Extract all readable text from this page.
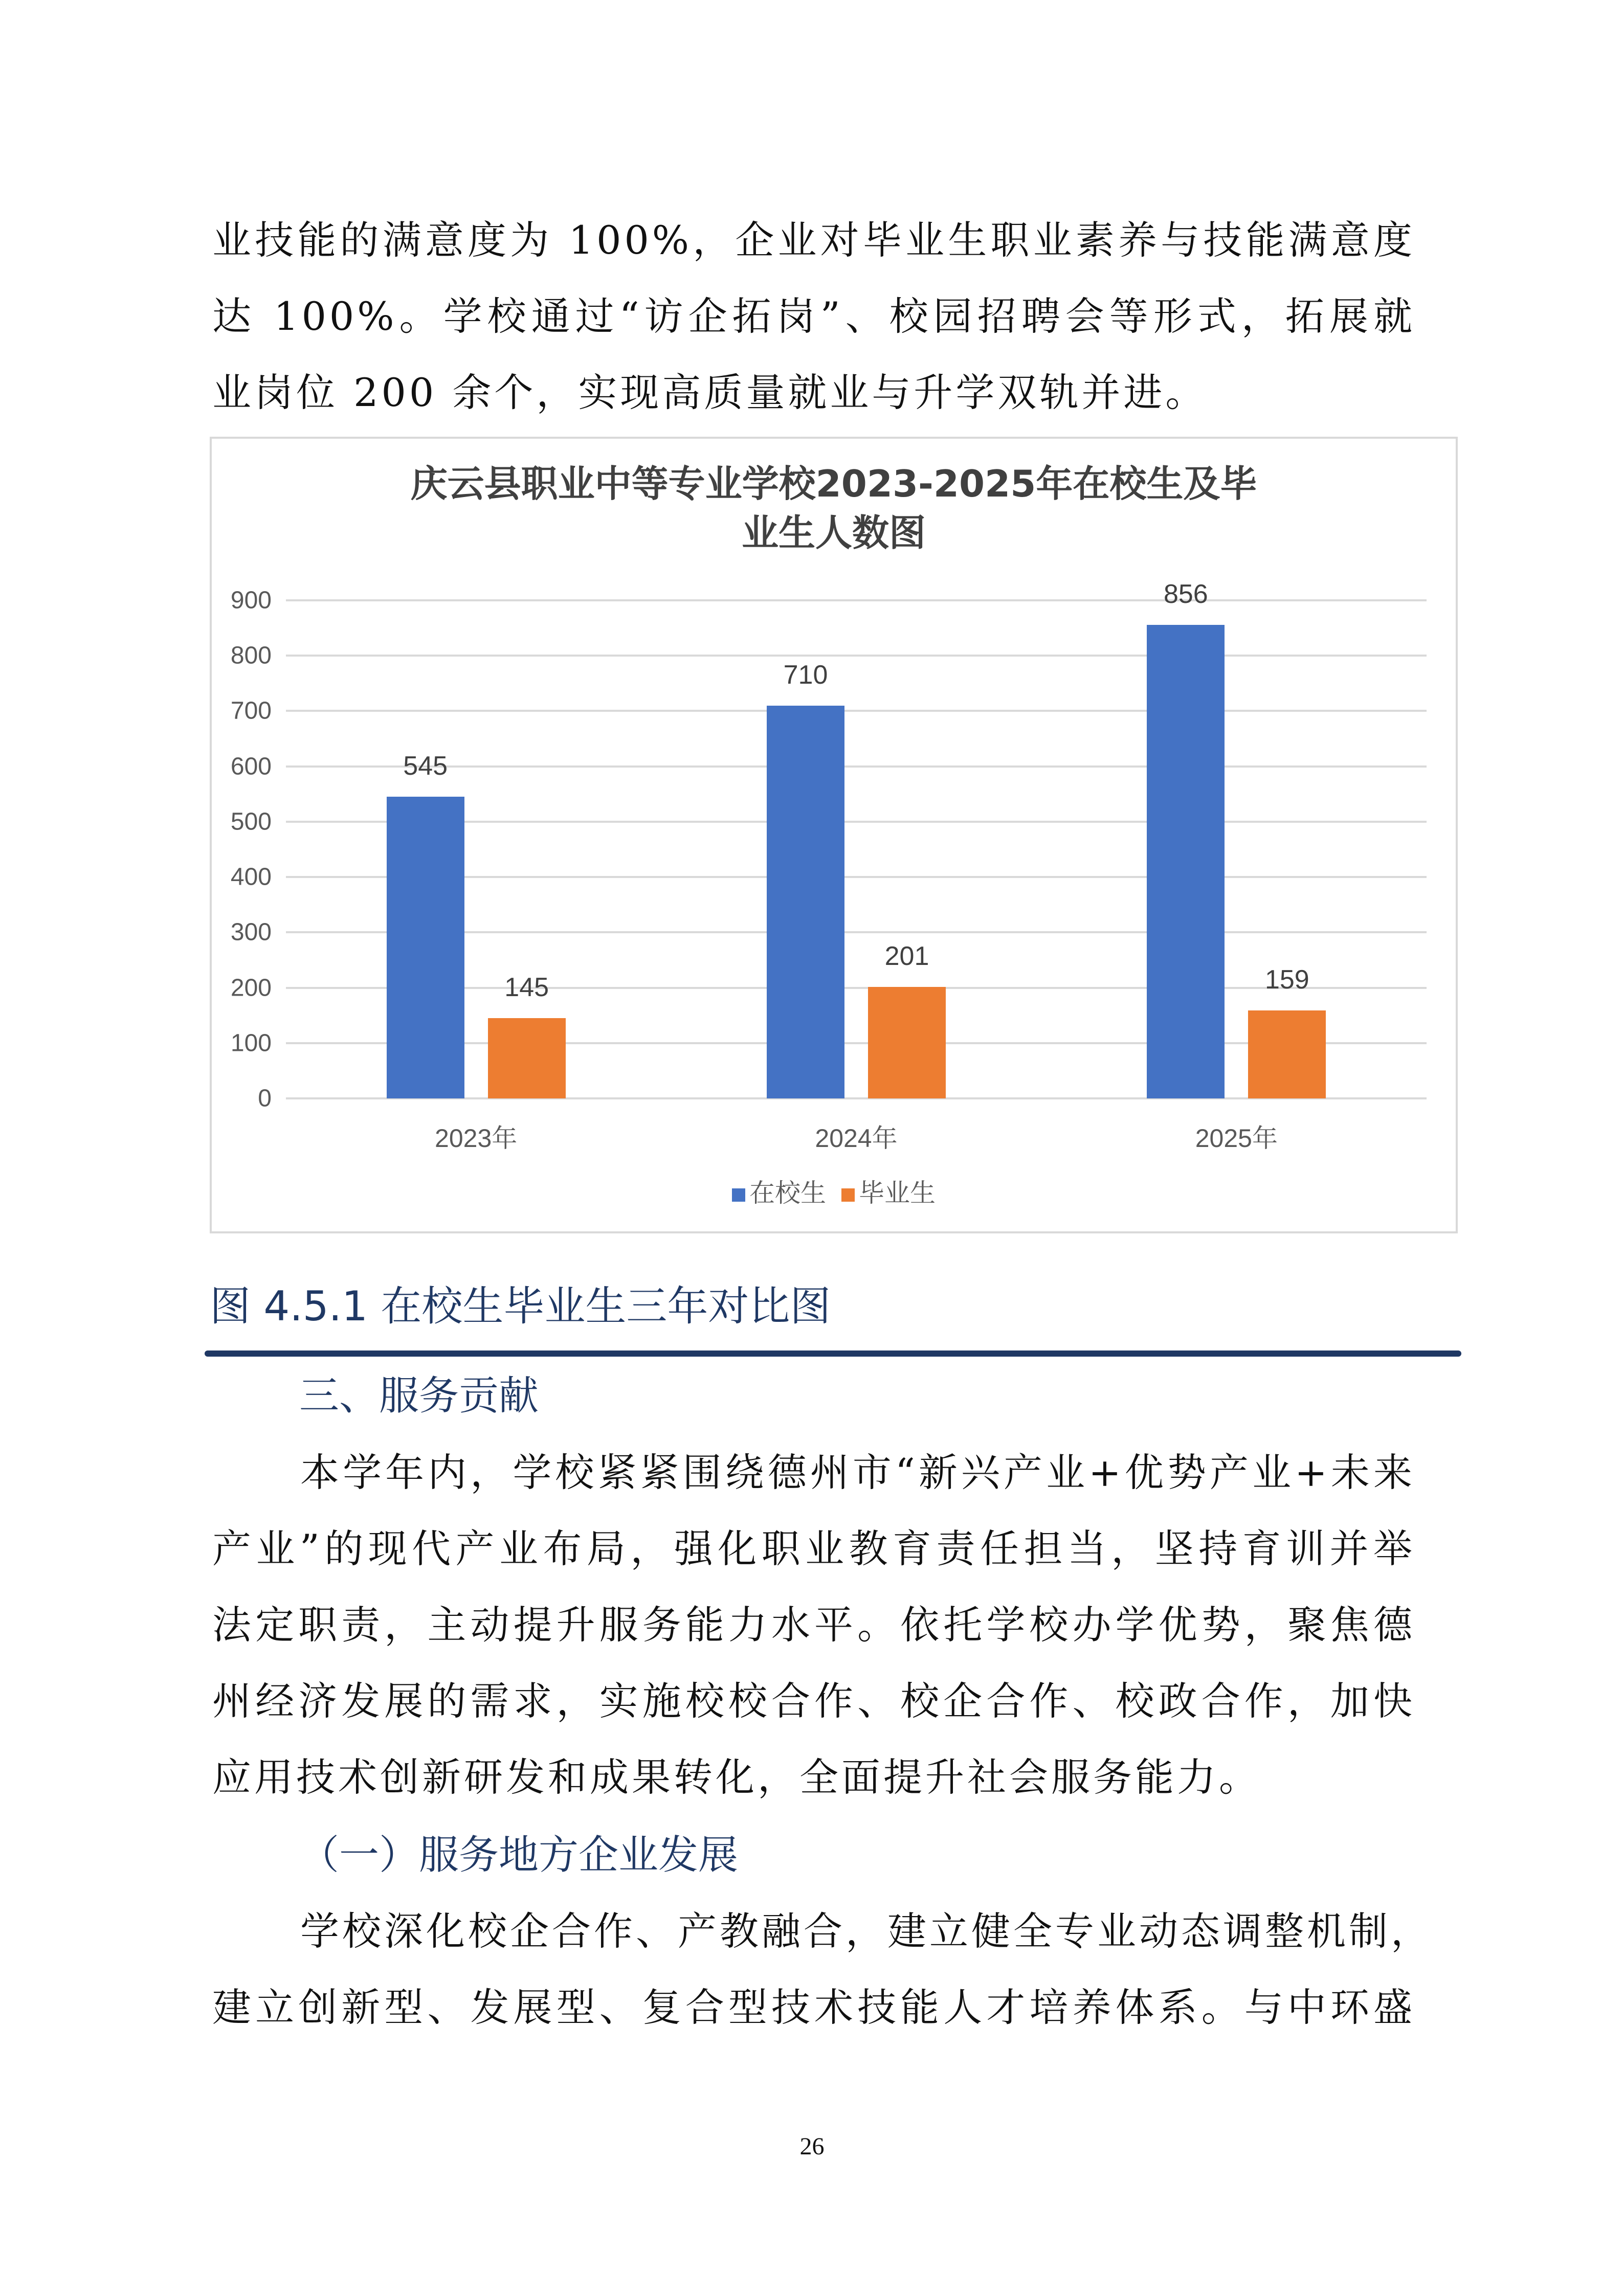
业技能的满意度为 100%，企业对毕业生职业素养与技能满意度
达 100%。学校通过“访企拓岗”、校园招聘会等形式，拓展就
业岗位 200 余个，实现高质量就业与升学双轨并进。
庆云县职业中等专业学校2023-2025年在校生及毕
业生人数图
在校生 毕业生
0
100
200
300
400
500
600
700
800
900
545
145
2023年
710
201
2024年
856
159
2025年
图 4.5.1 在校生毕业生三年对比图
三、服务贡献
本学年内，学校紧紧围绕德州市“新兴产业+优势产业+未来
产业”的现代产业布局，强化职业教育责任担当，坚持育训并举
法定职责，主动提升服务能力水平。依托学校办学优势，聚焦德
州经济发展的需求，实施校校合作、校企合作、校政合作，加快
应用技术创新研发和成果转化，全面提升社会服务能力。
（一）服务地方企业发展
学校深化校企合作、产教融合，建立健全专业动态调整机制，
建立创新型、发展型、复合型技术技能人才培养体系。与中环盛
26
